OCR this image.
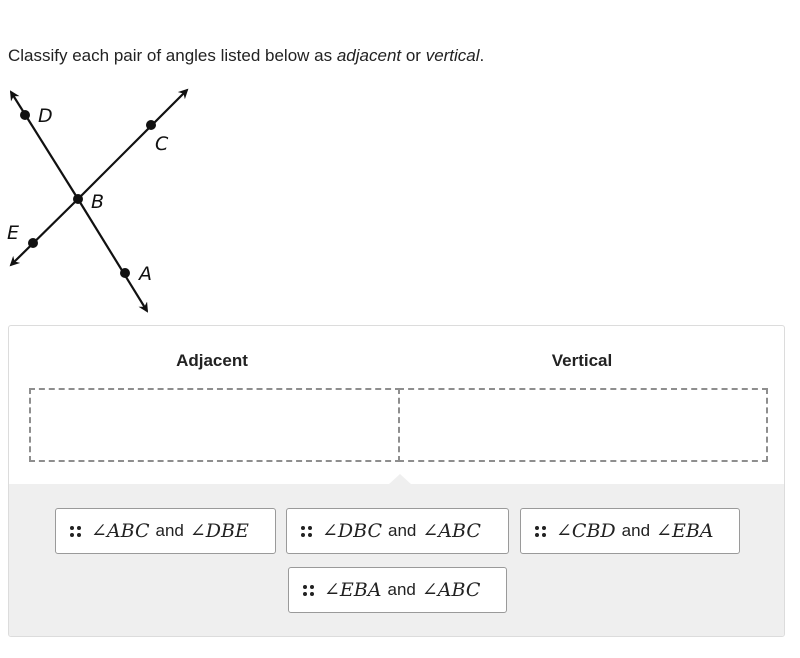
Classify each pair of angles listed below as adjacent or vertical.
D
C
B
E
A
Adjacent	Vertical
∠ABC and ∠DBE	∠DBC and ∠ABC	∠CBD and ∠EBA
∠EBA and ∠ABC
